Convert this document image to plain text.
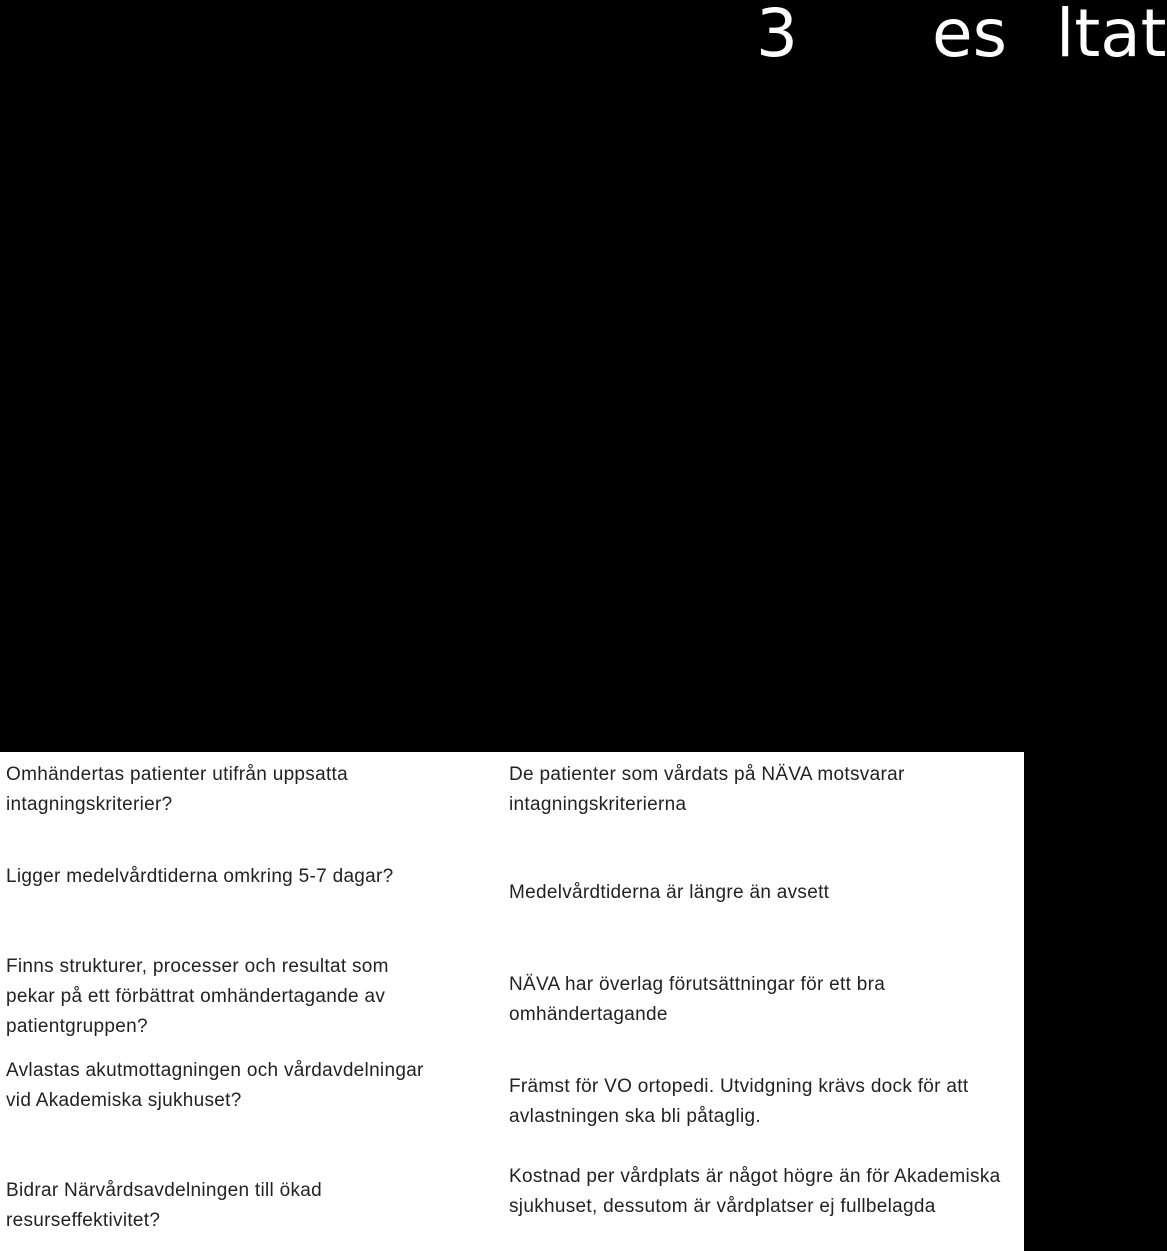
3 es ltat

Omhändertas patienter utifrån uppsatta intagningskriterier?

De patienter som vårdats på NÄVA motsvarar intagningskriterierna

Ligger medelvårdtiderna omkring 5-7 dagar?

Medelvårdtiderna är längre än avsett

Finns strukturer, processer och resultat som pekar på ett förbättrat omhändertagande av patientgruppen?

NÄVA har överlag förutsättningar för ett bra omhändertagande

Avlastas akutmottagningen och vårdavdelningar vid Akademiska sjukhuset?

Främst för VO ortopedi. Utvidgning krävs dock för att avlastningen ska bli påtaglig.

Bidrar Närvårdsavdelningen till ökad resurseffektivitet?

Kostnad per vårdplats är något högre än för Akademiska sjukhuset, dessutom är vårdplatser ej fullbelagda
